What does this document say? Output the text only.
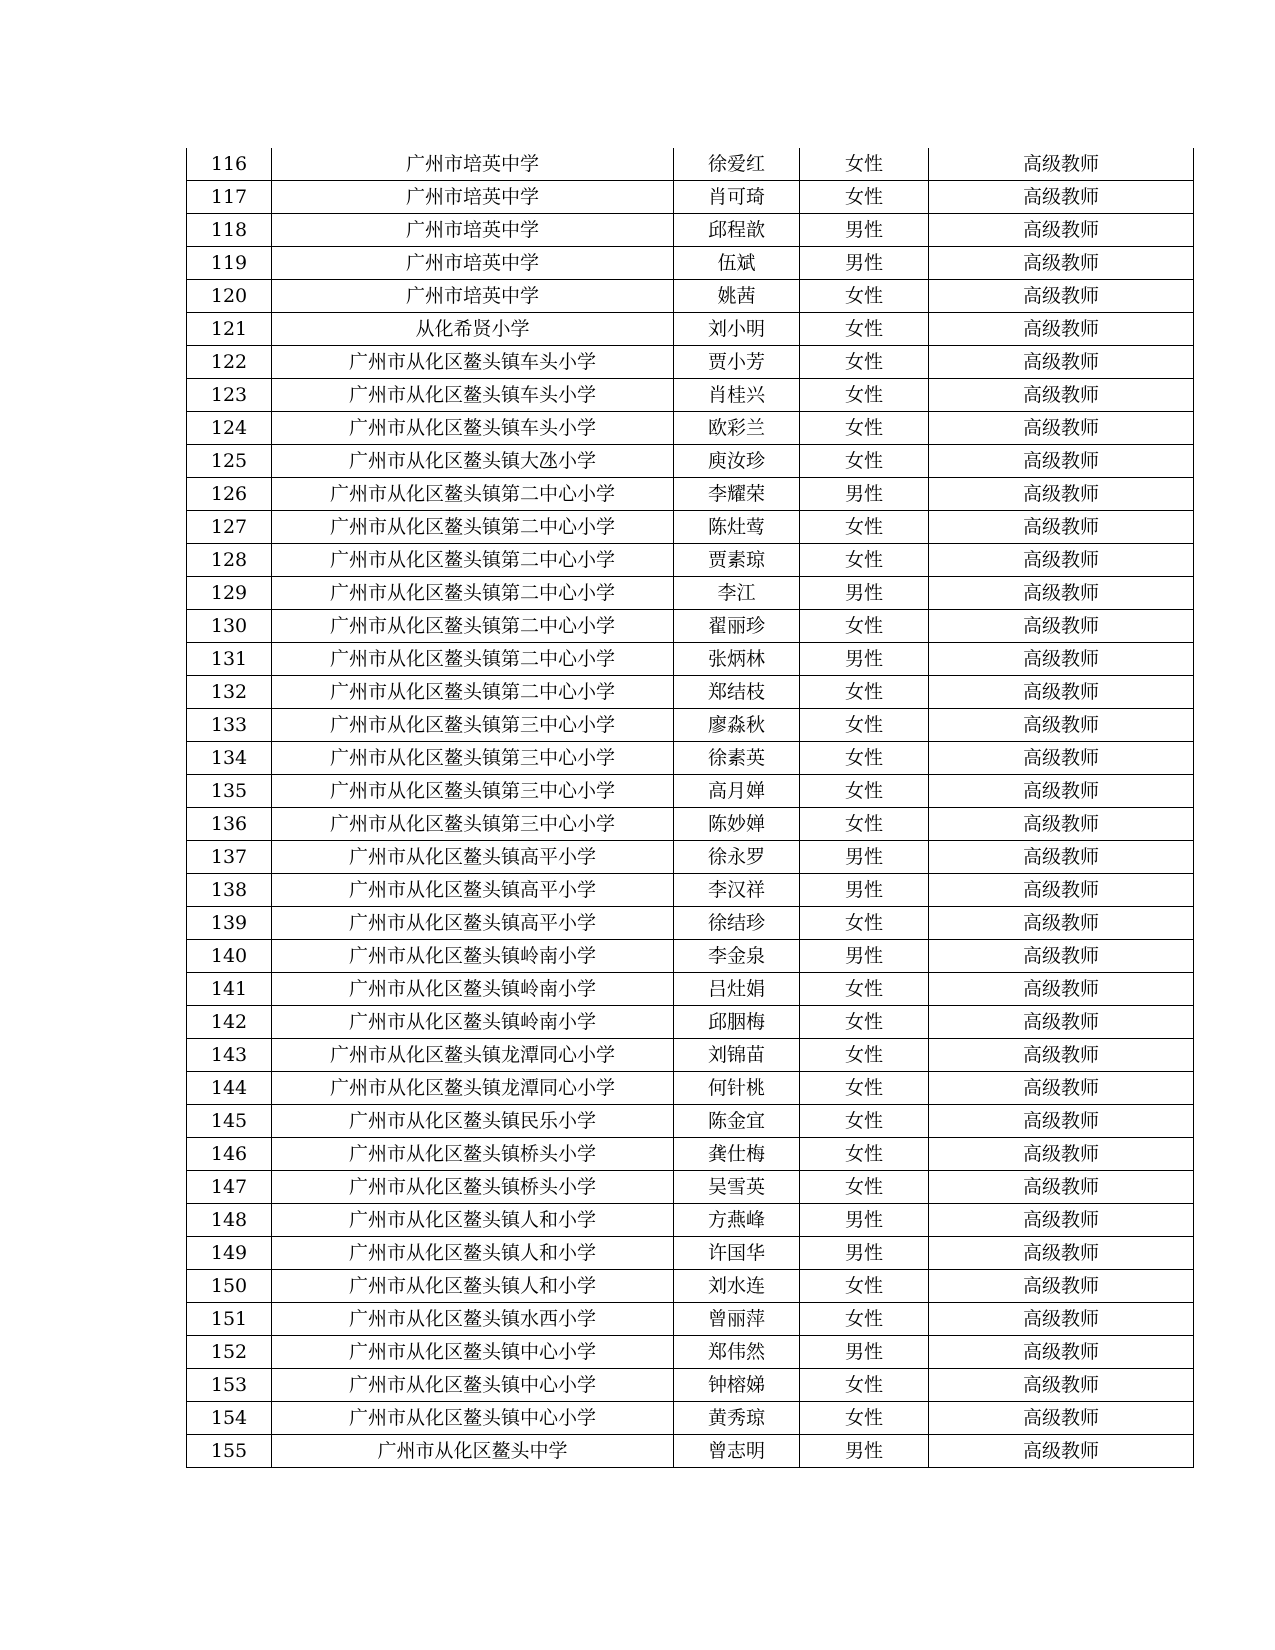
116	广州市培英中学	徐爱红	女性	高级教师
117	广州市培英中学	肖可琦	女性	高级教师
118	广州市培英中学	邱程歆	男性	高级教师
119	广州市培英中学	伍斌	男性	高级教师
120	广州市培英中学	姚茜	女性	高级教师
121	从化希贤小学	刘小明	女性	高级教师
122	广州市从化区鳌头镇车头小学	贾小芳	女性	高级教师
123	广州市从化区鳌头镇车头小学	肖桂兴	女性	高级教师
124	广州市从化区鳌头镇车头小学	欧彩兰	女性	高级教师
125	广州市从化区鳌头镇大氹小学	庾汝珍	女性	高级教师
126	广州市从化区鳌头镇第二中心小学	李耀荣	男性	高级教师
127	广州市从化区鳌头镇第二中心小学	陈灶莺	女性	高级教师
128	广州市从化区鳌头镇第二中心小学	贾素琼	女性	高级教师
129	广州市从化区鳌头镇第二中心小学	李江	男性	高级教师
130	广州市从化区鳌头镇第二中心小学	翟丽珍	女性	高级教师
131	广州市从化区鳌头镇第二中心小学	张炳林	男性	高级教师
132	广州市从化区鳌头镇第二中心小学	郑结枝	女性	高级教师
133	广州市从化区鳌头镇第三中心小学	廖淼秋	女性	高级教师
134	广州市从化区鳌头镇第三中心小学	徐素英	女性	高级教师
135	广州市从化区鳌头镇第三中心小学	高月婵	女性	高级教师
136	广州市从化区鳌头镇第三中心小学	陈妙婵	女性	高级教师
137	广州市从化区鳌头镇高平小学	徐永罗	男性	高级教师
138	广州市从化区鳌头镇高平小学	李汉祥	男性	高级教师
139	广州市从化区鳌头镇高平小学	徐结珍	女性	高级教师
140	广州市从化区鳌头镇岭南小学	李金泉	男性	高级教师
141	广州市从化区鳌头镇岭南小学	吕灶娟	女性	高级教师
142	广州市从化区鳌头镇岭南小学	邱胭梅	女性	高级教师
143	广州市从化区鳌头镇龙潭同心小学	刘锦苗	女性	高级教师
144	广州市从化区鳌头镇龙潭同心小学	何针桃	女性	高级教师
145	广州市从化区鳌头镇民乐小学	陈金宜	女性	高级教师
146	广州市从化区鳌头镇桥头小学	龚仕梅	女性	高级教师
147	广州市从化区鳌头镇桥头小学	吴雪英	女性	高级教师
148	广州市从化区鳌头镇人和小学	方燕峰	男性	高级教师
149	广州市从化区鳌头镇人和小学	许国华	男性	高级教师
150	广州市从化区鳌头镇人和小学	刘水连	女性	高级教师
151	广州市从化区鳌头镇水西小学	曾丽萍	女性	高级教师
152	广州市从化区鳌头镇中心小学	郑伟然	男性	高级教师
153	广州市从化区鳌头镇中心小学	钟榕娣	女性	高级教师
154	广州市从化区鳌头镇中心小学	黄秀琼	女性	高级教师
155	广州市从化区鳌头中学	曾志明	男性	高级教师
